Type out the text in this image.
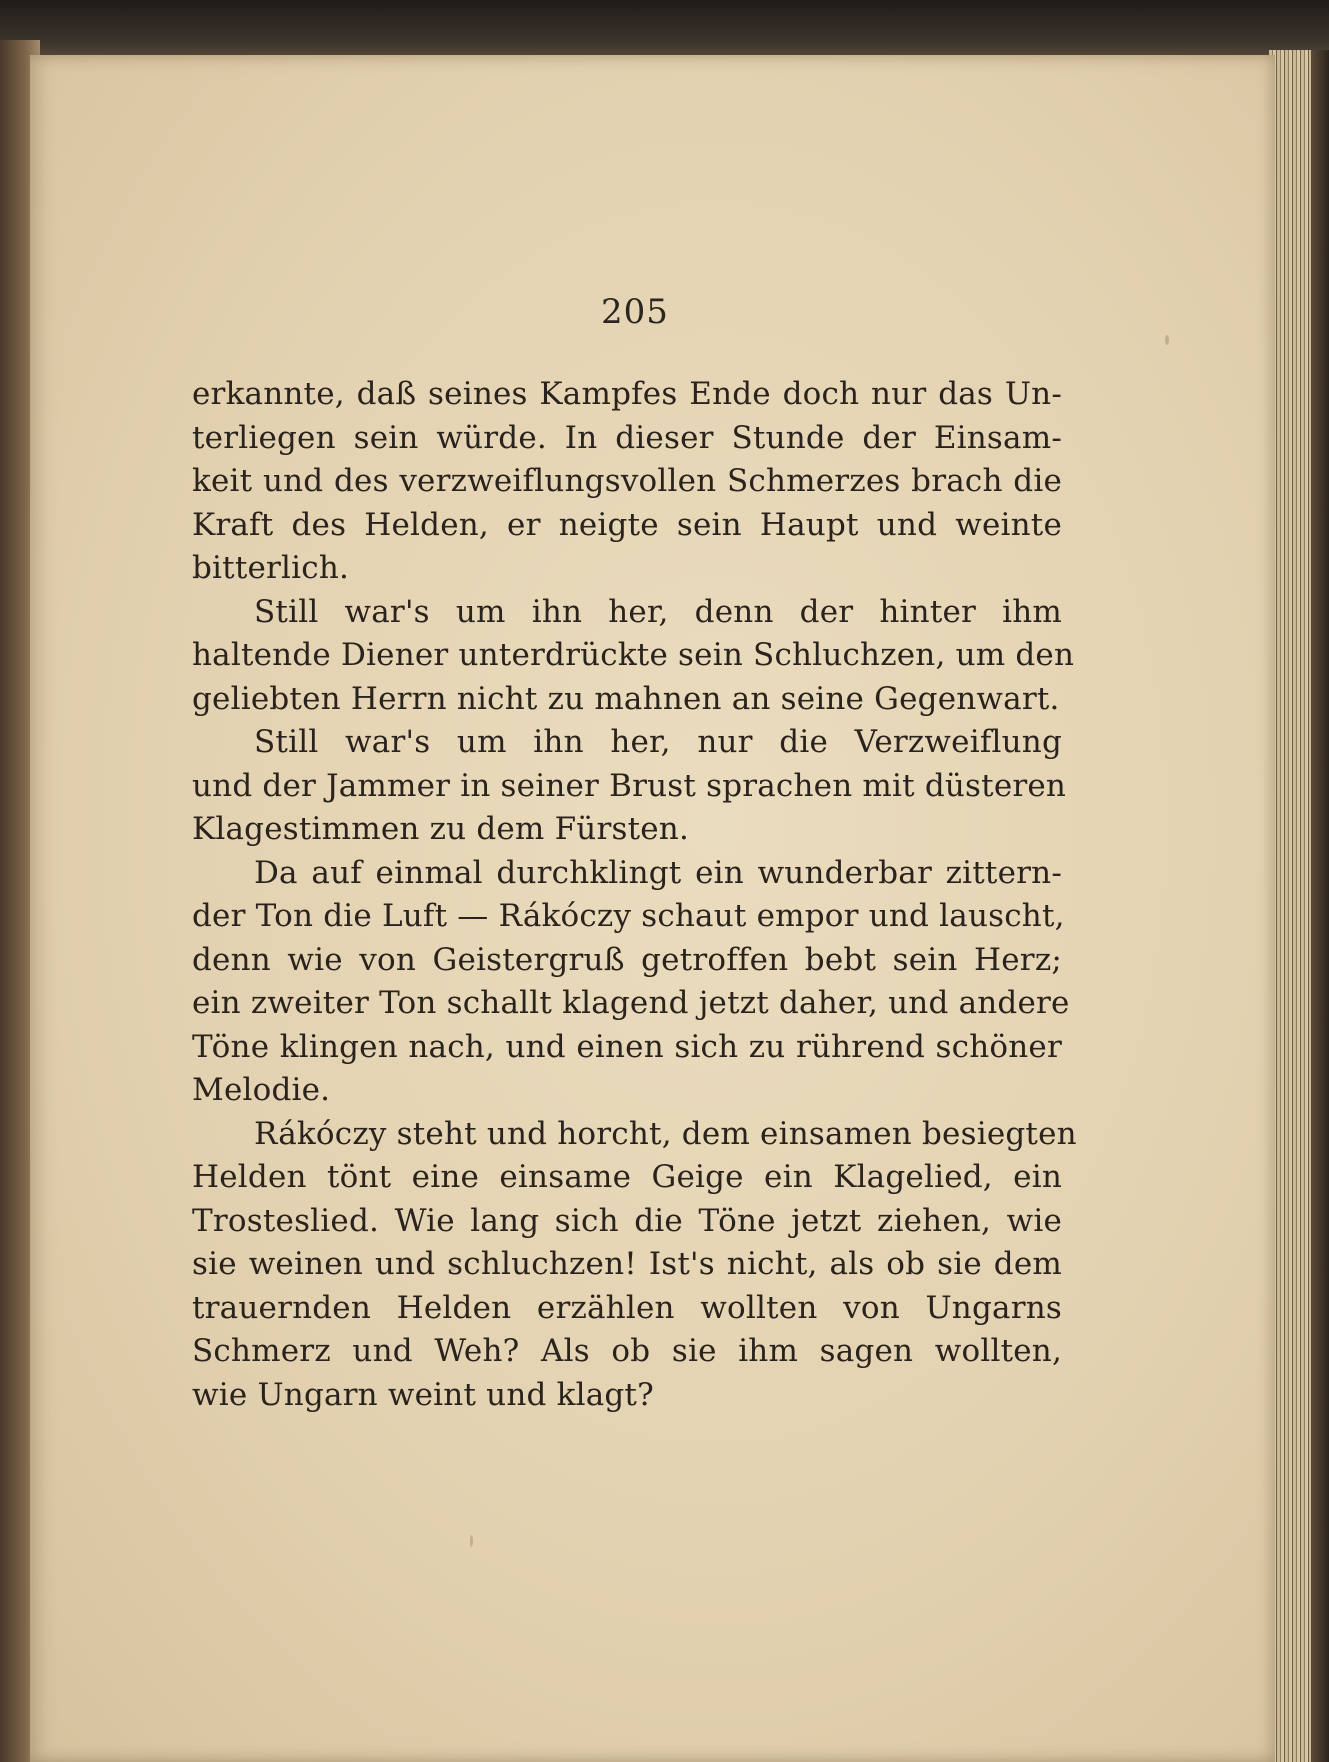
205
erkannte, daß seines Kampfes Ende doch nur das Un-
terliegen sein würde. In dieser Stunde der Einsam-
keit und des verzweiflungsvollen Schmerzes brach die
Kraft des Helden, er neigte sein Haupt und weinte
bitterlich.
Still war's um ihn her, denn der hinter ihm
haltende Diener unterdrückte sein Schluchzen, um den
geliebten Herrn nicht zu mahnen an seine Gegenwart.
Still war's um ihn her, nur die Verzweiflung
und der Jammer in seiner Brust sprachen mit düsteren
Klagestimmen zu dem Fürsten.
Da auf einmal durchklingt ein wunderbar zittern-
der Ton die Luft — Rákóczy schaut empor und lauscht,
denn wie von Geistergruß getroffen bebt sein Herz;
ein zweiter Ton schallt klagend jetzt daher, und andere
Töne klingen nach, und einen sich zu rührend schöner
Melodie.
Rákóczy steht und horcht, dem einsamen besiegten
Helden tönt eine einsame Geige ein Klagelied, ein
Trosteslied. Wie lang sich die Töne jetzt ziehen, wie
sie weinen und schluchzen! Ist's nicht, als ob sie dem
trauernden Helden erzählen wollten von Ungarns
Schmerz und Weh? Als ob sie ihm sagen wollten,
wie Ungarn weint und klagt?
